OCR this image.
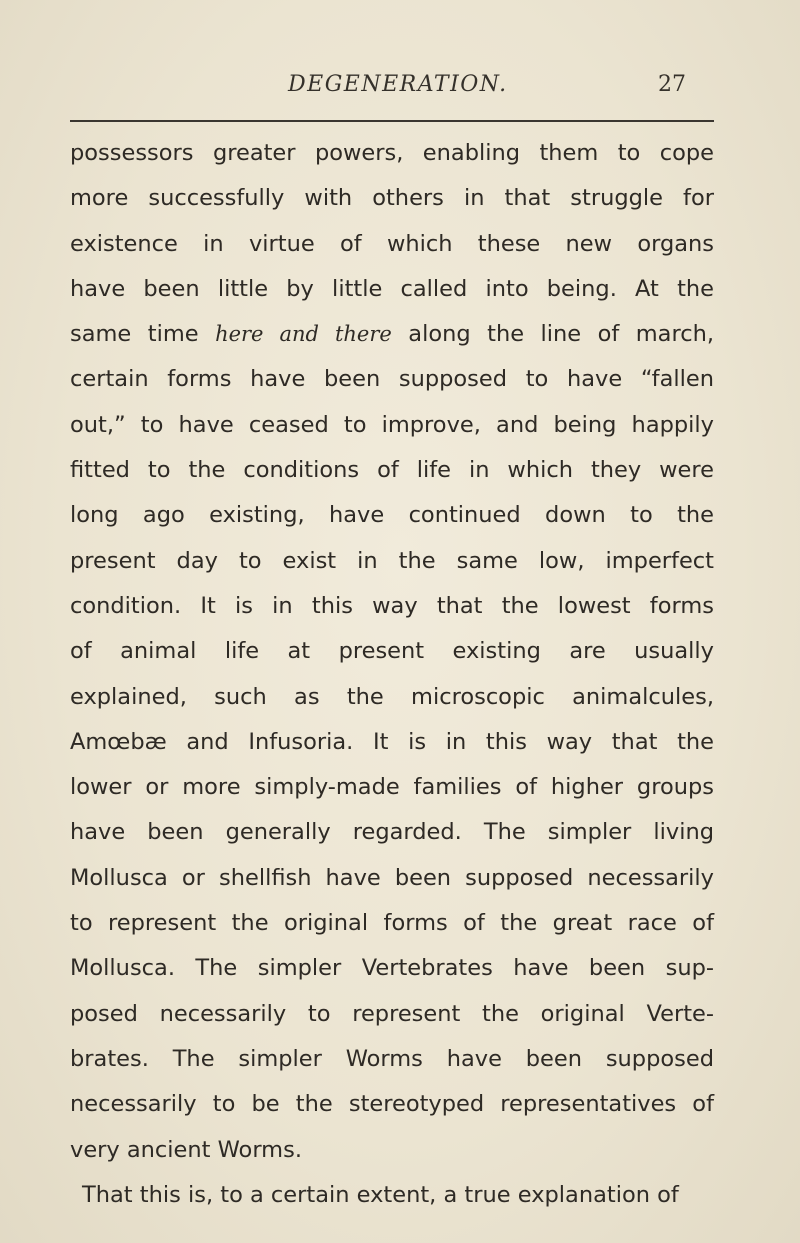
DEGENERATION.	27
possessors greater powers, enabling them to cope
more successfully with others in that struggle for
existence in virtue of which these new organs
have been little by little called into being. At the
same time here and there along the line of march,
certain forms have been supposed to have “fallen
out,” to have ceased to improve, and being happily
fitted to the conditions of life in which they were
long ago existing, have continued down to the
present day to exist in the same low, imperfect
condition. It is in this way that the lowest forms
of animal life at present existing are usually
explained, such as the microscopic animalcules,
Amœbæ and Infusoria. It is in this way that the
lower or more simply-made families of higher groups
have been generally regarded. The simpler living
Mollusca or shellfish have been supposed necessarily
to represent the original forms of the great race of
Mollusca. The simpler Vertebrates have been sup-
posed necessarily to represent the original Verte-
brates. The simpler Worms have been supposed
necessarily to be the stereotyped representatives of
very ancient Worms.
That this is, to a certain extent, a true explanation of
